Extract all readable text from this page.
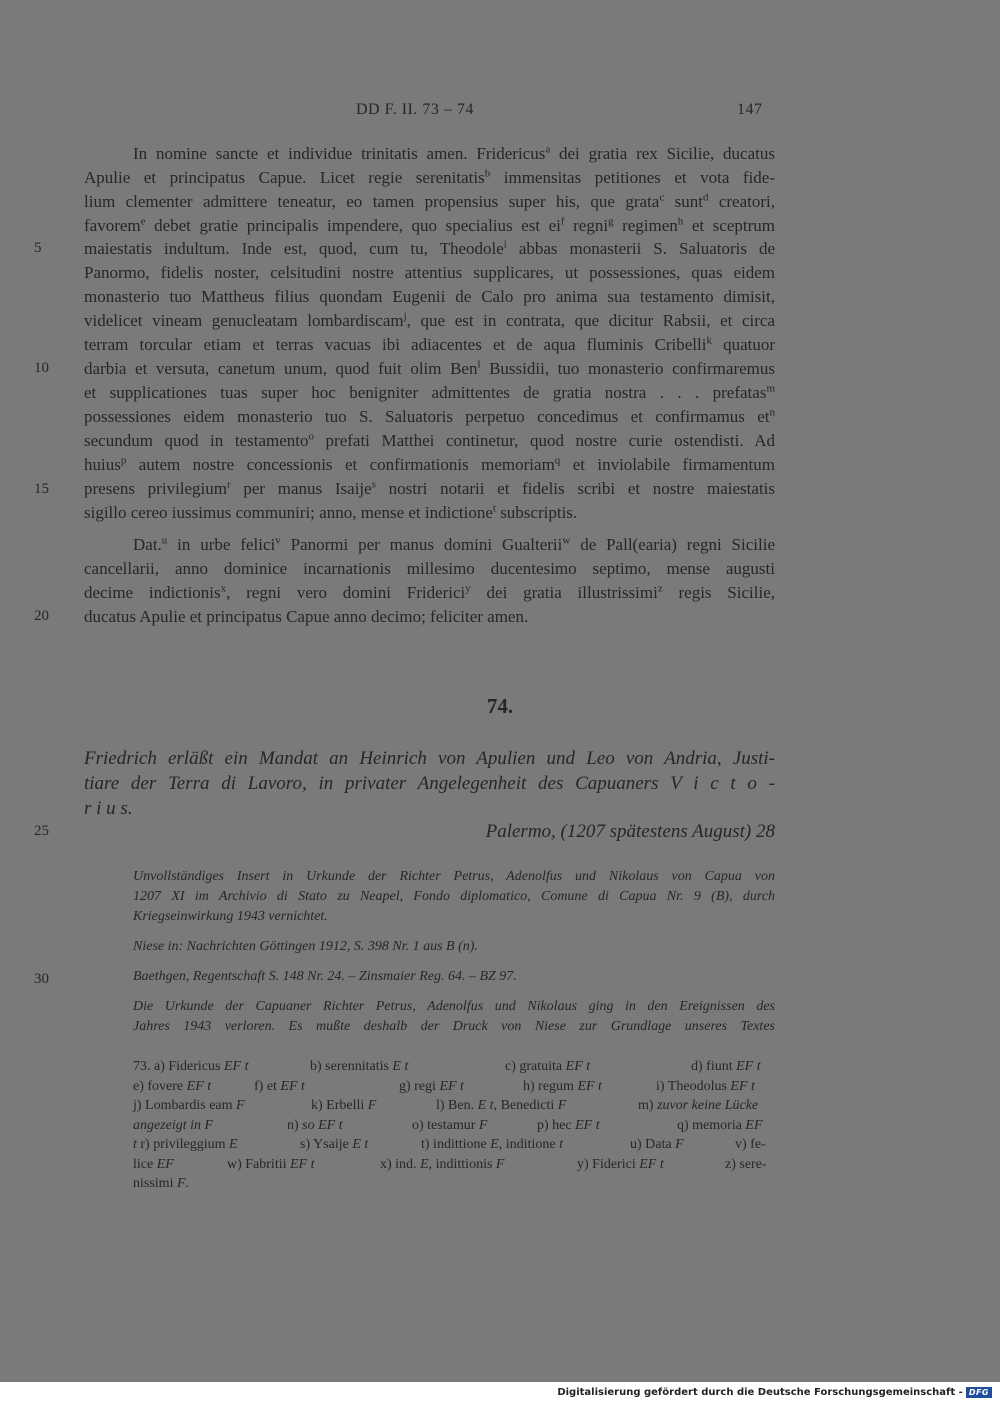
DD F. II. 73 – 74	147
In nomine sancte et individue trinitatis amen. Fridericus$^a$ dei gratia rex Sicilie, ducatus
Apulie et principatus Capue. Licet regie serenitatis$^b$ immensitas petitiones et vota fide-
lium clementer admittere teneatur, eo tamen propensius super his, que grata$^c$ sunt$^d$ creatori,
favorem$^e$ debet gratie principalis impendere, quo specialius est $ei^f$ regni$^g$ regimen$^h$ et sceptrum
maiestatis indultum. Inde est, quod, cum tu, Theodole$^i$ abbas monasterii S. Saluatoris de
Panormo, fidelis noster, celsitudini nostre attentius supplicares, ut possessiones, quas eidem
monasterio tuo Mattheus filius quondam Eugenii de Calo pro anima sua testamento dimisit,
videlicet vineam genucleatam lombardiscam$^j$, que est in contrata, que dicitur Rabsii, et circa
terram torcular etiam et terras vacuas ibi adiacentes et de aqua fluminis Cribelli$^k$ quatuor
darbia et versuta, canetum unum, quod fuit olim Ben$^l$ Bussidii, tuo monasterio confirmaremus
et supplicationes tuas super hoc benigniter admittentes de gratia nostra . . . prefatas$^m$
possessiones eidem monasterio tuo S. Saluatoris perpetuo concedimus et confirmamus $et^n$
secundum quod in testamento$^o$ prefati Matthei continetur, quod nostre curie ostendisti. Ad
huius$^p$ autem nostre concessionis et confirmationis memoriam$^q$ et inviolabile firmamentum
presens privilegium$^r$ per manus Isaije$^s$ nostri notarii et fidelis scribi et nostre maiestatis
sigillo cereo iussimus communiri; anno, mense et indictione$^t$ subscriptis.
Dat.$^u$ in urbe felici$^v$ Panormi per manus domini Gualterii$^w$ de Pall(earia) regni Sicilie
cancellarii, anno dominice incarnationis millesimo ducentesimo septimo, mense augusti
decime indictionis$^x$, regni vero domini Friderici$^y$ dei gratia illustrissimi$^z$ regis Sicilie,
ducatus Apulie et principatus Capue anno decimo; feliciter amen.
5
10
15
20
25
30
74.
Friedrich erläßt ein Mandat an Heinrich von Apulien und Leo von Andria, Justi-
tiare der Terra di Lavoro, in privater Angelegenheit des Capuaners V i c t o -
r i u s.
Palermo, (1207 spätestens August) 28
Unvollständiges Insert in Urkunde der Richter Petrus, Adenolfus und Nikolaus von Capua von
1207 XI im Archivio di Stato zu Neapel, Fondo diplomatico, Comune di Capua Nr. 9 (B), durch
Kriegseinwirkung 1943 vernichtet.
Niese in: Nachrichten Göttingen 1912, S. 398 Nr. 1 aus B (n).
Baethgen, Regentschaft S. 148 Nr. 24. – Zinsmaier Reg. 64. – BZ 97.
Die Urkunde der Capuaner Richter Petrus, Adenolfus und Nikolaus ging in den Ereignissen des
Jahres 1943 verloren. Es mußte deshalb der Druck von Niese zur Grundlage unseres Textes
73. a) Fidericus EF t	b) serennitatis E t	c) gratuita EF t	d) fiunt EF t
e) fovere EF t	f) et EF t	g) regi EF t	h) regum EF t	i) Theodolus EF t
j) Lombardis eam F	k) Erbelli F	l) Ben. E t, Benedicti F	m) zuvor keine Lücke
angezeigt in F	n) so EF t	o) testamur F	p) hec EF t	q) memoria EF
t r) privileggium E	s) Ysaije E t	t) indittione E, inditione t	u) Data F	v) fe-
lice EF	w) Fabritii EF t	x) ind. E, indittionis F	y) Fiderici EF t	z) sere-
nissimi F.
Digitalisierung gefördert durch die Deutsche Forschungsgemeinschaft - DFG
